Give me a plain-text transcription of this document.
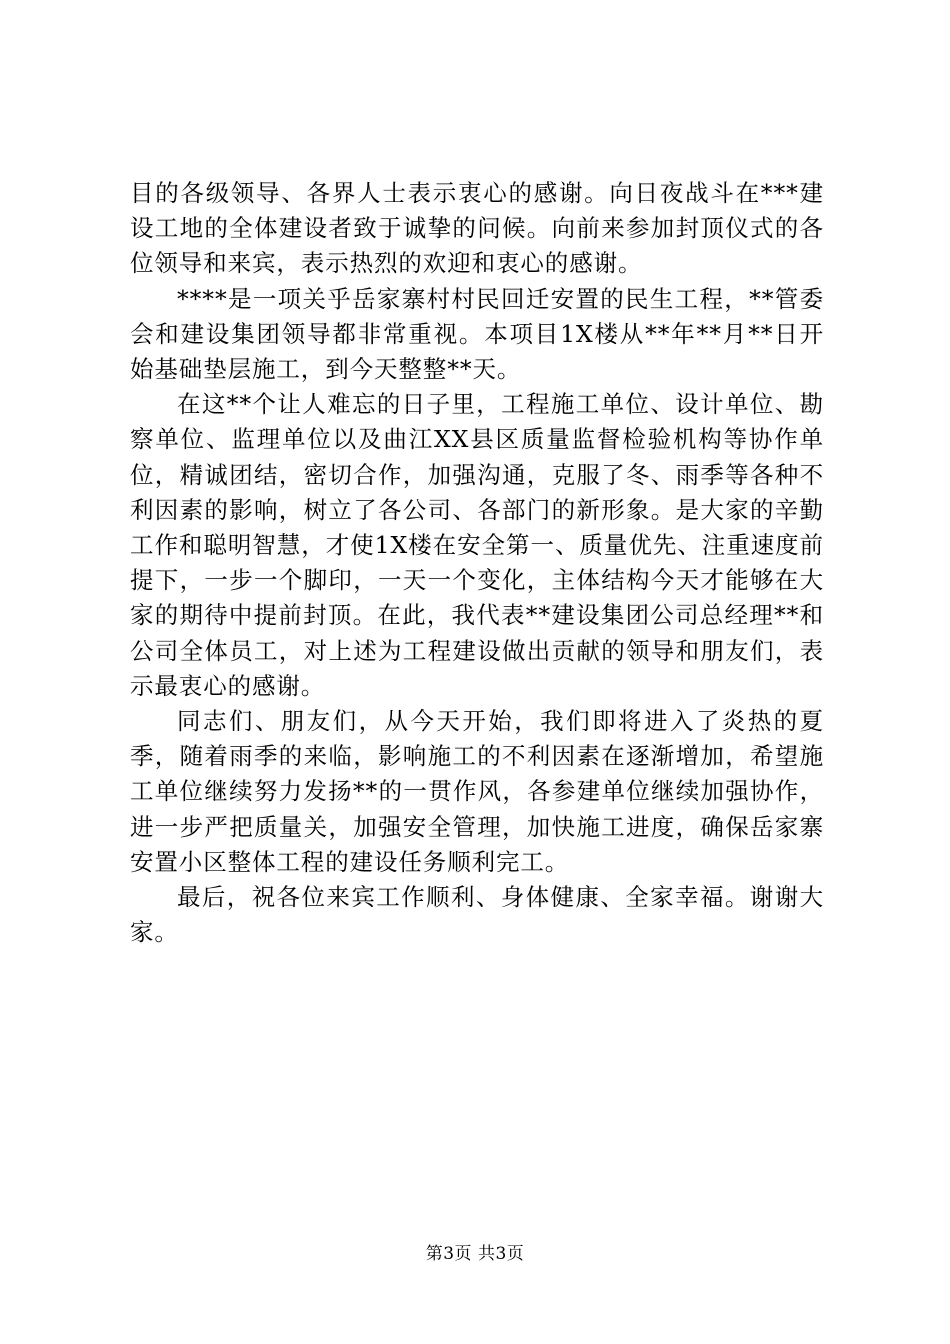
目的各级领导、各界人士表示衷心的感谢。向日夜战斗在***建设工地的全体建设者致于诚挚的问候。向前来参加封顶仪式的各位领导和来宾，表示热烈的欢迎和衷心的感谢。

****是一项关乎岳家寨村村民回迁安置的民生工程，**管委会和建设集团领导都非常重视。本项目1X楼从**年**月**日开始基础垫层施工，到今天整整**天。

在这**个让人难忘的日子里，工程施工单位、设计单位、勘察单位、监理单位以及曲江XX县区质量监督检验机构等协作单位，精诚团结，密切合作，加强沟通，克服了冬、雨季等各种不利因素的影响，树立了各公司、各部门的新形象。是大家的辛勤工作和聪明智慧，才使1X楼在安全第一、质量优先、注重速度前提下，一步一个脚印，一天一个变化，主体结构今天才能够在大家的期待中提前封顶。在此，我代表**建设集团公司总经理**和公司全体员工，对上述为工程建设做出贡献的领导和朋友们，表示最衷心的感谢。

同志们、朋友们，从今天开始，我们即将进入了炎热的夏季，随着雨季的来临，影响施工的不利因素在逐渐增加，希望施工单位继续努力发扬**的一贯作风，各参建单位继续加强协作，进一步严把质量关，加强安全管理，加快施工进度，确保岳家寨安置小区整体工程的建设任务顺利完工。

最后，祝各位来宾工作顺利、身体健康、全家幸福。谢谢大家。

第3页 共3页
